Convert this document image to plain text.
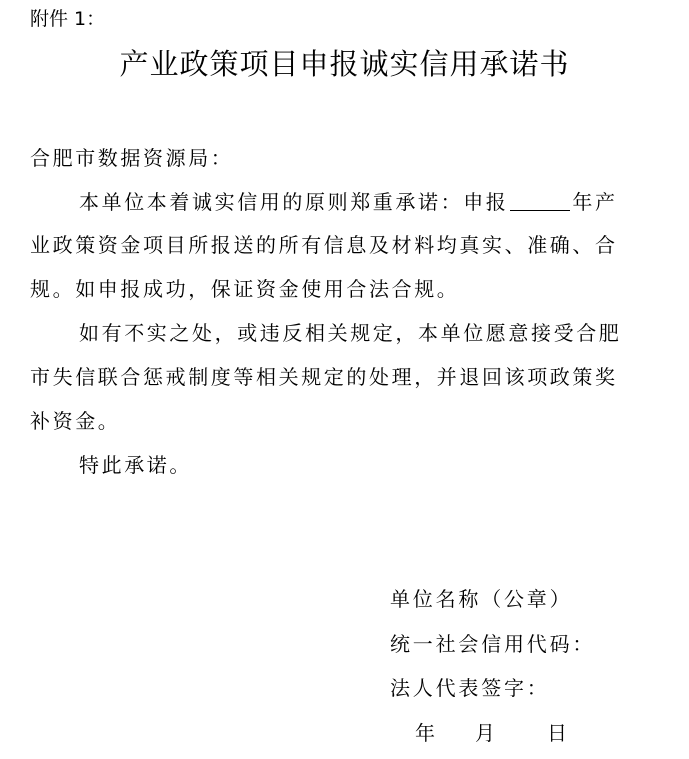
附件 1：
产业政策项目申报诚实信用承诺书
合肥市数据资源局：
本单位本着诚实信用的原则郑重承诺：申报	年产
业政策资金项目所报送的所有信息及材料均真实、准确、合
规。如申报成功，保证资金使用合法合规。
如有不实之处，或违反相关规定，本单位愿意接受合肥
市失信联合惩戒制度等相关规定的处理，并退回该项政策奖
补资金。
特此承诺。
单位名称（公章）
统一社会信用代码：
法人代表签字：
年 月	日
